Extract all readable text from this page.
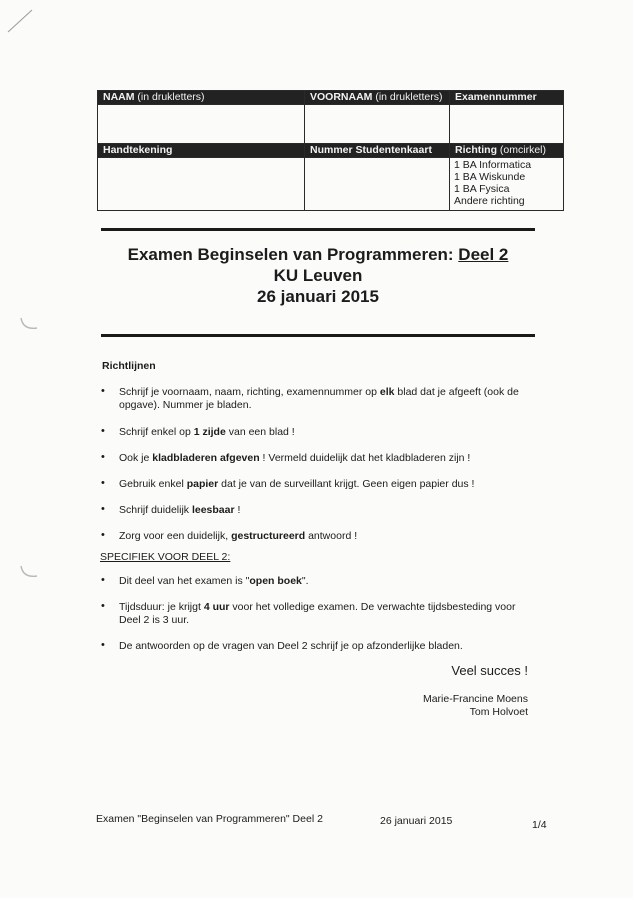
NAAM (in drukletters)	VOORNAAM (in drukletters)	Examennummer

Handtekening	Nummer Studentenkaart	Richting (omcirkel)

		1 BA Informatica
1 BA Wiskunde
1 BA Fysica
Andere richting
Examen Beginselen van Programmeren: Deel 2
KU Leuven
26 januari 2015
Richtlijnen
• Schrijf je voornaam, naam, richting, examennummer op elk blad dat je afgeeft (ook de opgave). Nummer je bladen.
• Schrijf enkel op 1 zijde van een blad !
• Ook je kladbladeren afgeven ! Vermeld duidelijk dat het kladbladeren zijn !
• Gebruik enkel papier dat je van de surveillant krijgt. Geen eigen papier dus !
• Schrijf duidelijk leesbaar !
• Zorg voor een duidelijk, gestructureerd antwoord !
SPECIFIEK VOOR DEEL 2:
• Dit deel van het examen is "open boek".
• Tijdsduur: je krijgt 4 uur voor het volledige examen. De verwachte tijdsbesteding voor Deel 2 is 3 uur.
• De antwoorden op de vragen van Deel 2 schrijf je op afzonderlijke bladen.
Veel succes !
Marie-Francine Moens
Tom Holvoet
Examen "Beginselen van Programmeren" Deel 2	26 januari 2015	1/4
